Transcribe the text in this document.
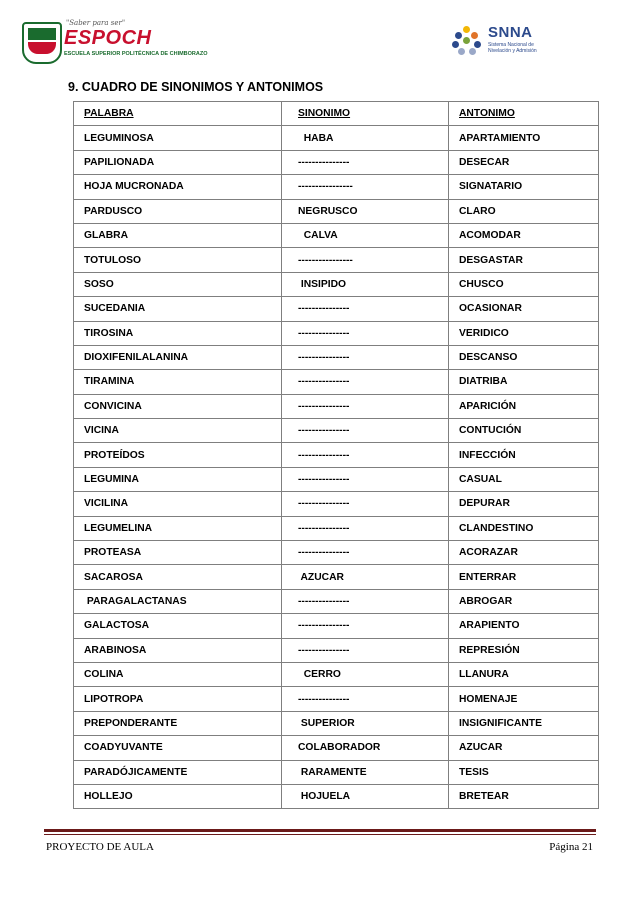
"Saber para ser"
ESPOCH
ESCUELA SUPERIOR POLITÉCNICA DE CHIMBORAZO
SNNA
Sistema Nacional de
Nivelación y Admisión
9. CUADRO DE SINONIMOS Y ANTONIMOS
PALABRA	SINONIMO	ANTONIMO
LEGUMINOSA	HABA	APARTAMIENTO
PAPILIONADA	---------------	DESECAR
HOJA MUCRONADA	----------------	SIGNATARIO
PARDUSCO	NEGRUSCO	CLARO
GLABRA	CALVA	ACOMODAR
TOTULOSO	----------------	DESGASTAR
SOSO	INSIPIDO	CHUSCO
SUCEDANIA	---------------	OCASIONAR
TIROSINA	---------------	VERIDICO
DIOXIFENILALANINA	---------------	DESCANSO
TIRAMINA	---------------	DIATRIBA
CONVICINA	---------------	APARICIÓN
VICINA	---------------	CONTUCIÓN
PROTEÍDOS	---------------	INFECCIÓN
LEGUMINA	---------------	CASUAL
VICILINA	---------------	DEPURAR
LEGUMELINA	---------------	CLANDESTINO
PROTEASA	---------------	ACORAZAR
SACAROSA	AZUCAR	ENTERRAR
PARAGALACTANAS	---------------	ABROGAR
GALACTOSA	---------------	ARAPIENTO
ARABINOSA	---------------	REPRESIÓN
COLINA	CERRO	LLANURA
LIPOTROPA	---------------	HOMENAJE
PREPONDERANTE	SUPERIOR	INSIGNIFICANTE
COADYUVANTE	COLABORADOR	AZUCAR
PARADÓJICAMENTE	RARAMENTE	TESIS
HOLLEJO	HOJUELA	BRETEAR
PROYECTO DE AULA	Página 21
